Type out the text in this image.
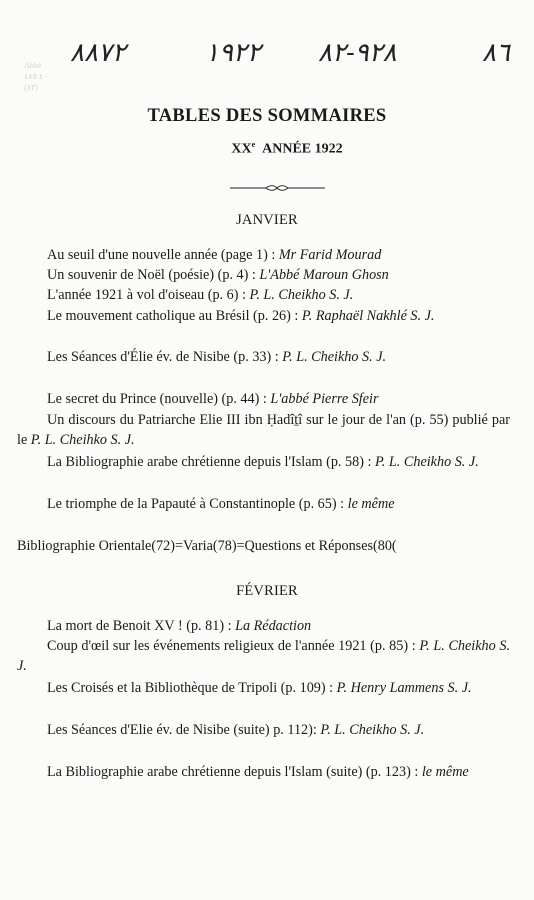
٨٨٧٢	١٩٢٢ ٩٢٨-٨٢	٨٦
Abbé
٤٠ ٤٨٥
(٨٣)
TABLES DES SOMMAIRES
XXe ANNÉE 1922
JANVIER

Au seuil d'une nouvelle année (page 1) : Mr Farid Mourad

Un souvenir de Noël (poésie) (p. 4) : L'Abbé Maroun Ghosn

L'année 1921 à vol d'oiseau (p. 6) : P. L. Cheikho S. J.

Le mouvement catholique au Brésil (p. 26) : P. Raphaël Nakhlé S. J.

Les Séances d'Élie év. de Nisibe (p. 33) : P. L. Cheikho S. J.

Le secret du Prince (nouvelle) (p. 44) : L'abbé Pierre Sfeir

Un discours du Patriarche Elie III ibn Ḥadîṯî sur le jour de l'an (p. 55) publié par le P. L. Cheihko S. J.

La Bibliographie arabe chrétienne depuis l'Islam (p. 58) : P. L. Cheikho S. J.

Le triomphe de la Papauté à Constantinople (p. 65) : le même

Bibliographie Orientale(72)=Varia(78)=Questions et Réponses(80(

FÉVRIER

La mort de Benoit XV ! (p. 81) : La Rédaction

Coup d'œil sur les événements religieux de l'année 1921 (p. 85) : P. L. Cheikho S. J.

Les Croisés et la Bibliothèque de Tripoli (p. 109) : P. Henry Lammens S. J.

Les Séances d'Elie év. de Nisibe (suite) p. 112): P. L. Cheikho S. J.

La Bibliographie arabe chrétienne depuis l'Islam (suite) (p. 123) : le même
